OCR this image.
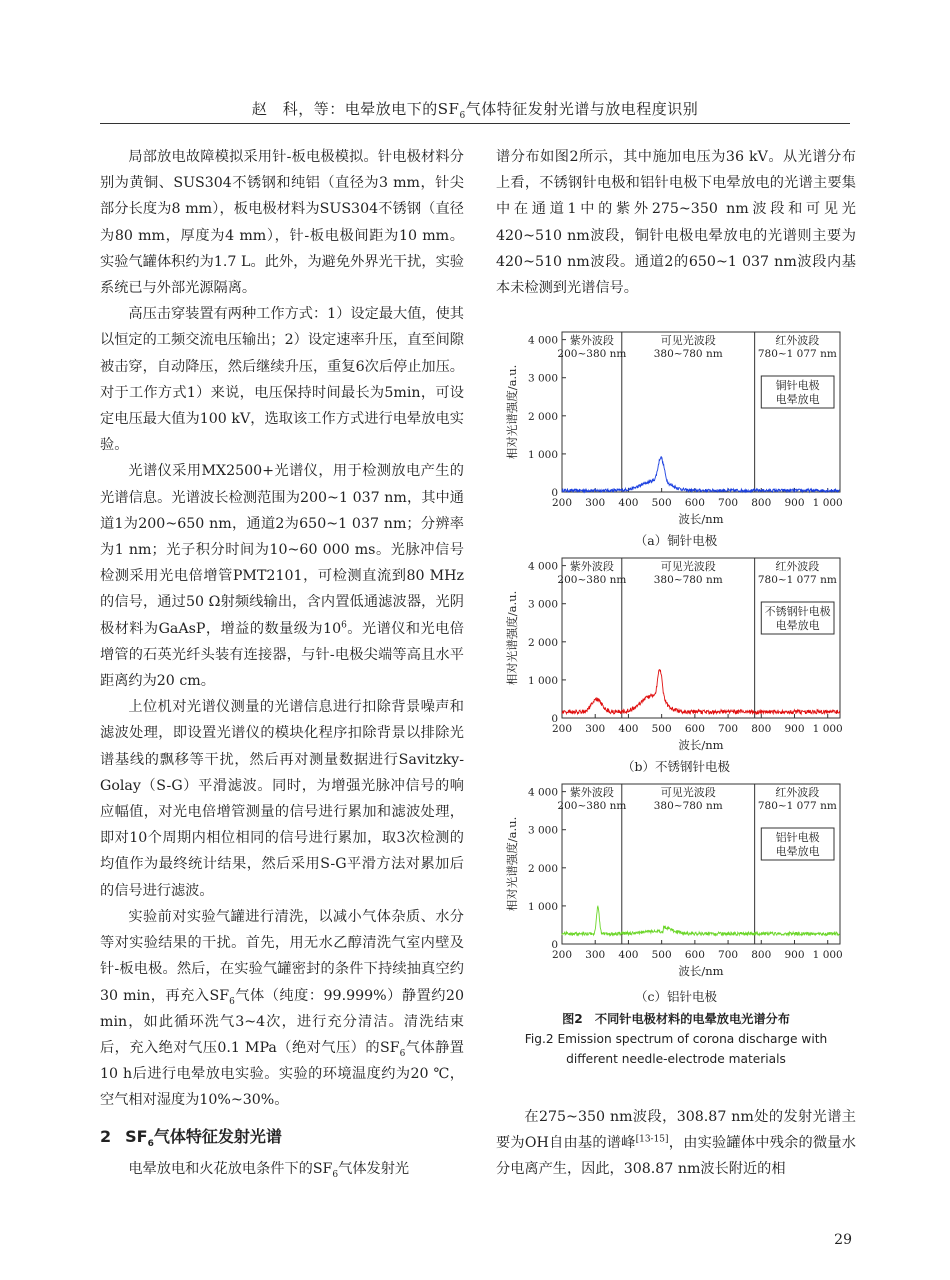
赵　科，等：电晕放电下的$SF_6$气体特征发射光谱与放电程度识别

局部放电故障模拟采用针-板电极模拟。针电极材料分别为黄铜、SUS304不锈钢和纯铝（直径为3 mm，针尖部分长度为8 mm），板电极材料为SUS304不锈钢（直径为80 mm，厚度为4 mm），针-板电极间距为10 mm。实验气罐体积约为1.7 L。此外，为避免外界光干扰，实验系统已与外部光源隔离。

高压击穿装置有两种工作方式：1）设定最大值，使其以恒定的工频交流电压输出；2）设定速率升压，直至间隙被击穿，自动降压，然后继续升压，重复6次后停止加压。对于工作方式1）来说，电压保持时间最长为5min，可设定电压最大值为100 kV，选取该工作方式进行电晕放电实验。

光谱仪采用MX2500+光谱仪，用于检测放电产生的光谱信息。光谱波长检测范围为200~1 037 nm，其中通道1为200~650 nm，通道2为650~1 037 nm；分辨率为1 nm；光子积分时间为10~60 000 ms。光脉冲信号检测采用光电倍增管PMT2101，可检测直流到80 MHz的信号，通过50 Ω射频线输出，含内置低通滤波器，光阴极材料为GaAsP，增益的数量级为$10^6$。光谱仪和光电倍增管的石英光纤头装有连接器，与针-电极尖端等高且水平距离约为20 cm。

上位机对光谱仪测量的光谱信息进行扣除背景噪声和滤波处理，即设置光谱仪的模块化程序扣除背景以排除光谱基线的飘移等干扰，然后再对测量数据进行Savitzky-Golay（S-G）平滑滤波。同时，为增强光脉冲信号的响应幅值，对光电倍增管测量的信号进行累加和滤波处理，即对10个周期内相位相同的信号进行累加，取3次检测的均值作为最终统计结果，然后采用S-G平滑方法对累加后的信号进行滤波。

实验前对实验气罐进行清洗，以减小气体杂质、水分等对实验结果的干扰。首先，用无水乙醇清洗气室内壁及针-板电极。然后，在实验气罐密封的条件下持续抽真空约30 min，再充入$SF_6$气体（纯度：99.999%）静置约20 min，如此循环洗气3~4次，进行充分清洁。清洗结束后，充入绝对气压0.1 MPa（绝对气压）的$SF_6$气体静置10 h后进行电晕放电实验。实验的环境温度约为20 ℃，空气相对湿度为10%~30%。

2 $SF_6$气体特征发射光谱

电晕放电和火花放电条件下的$SF_6$气体发射光

谱分布如图2所示，其中施加电压为36 kV。从光谱分布上看，不锈钢针电极和铝针电极下电晕放电的光谱主要集中在通道1中的紫外275~350 nm波段和可见光420~510 nm波段，铜针电极电晕放电的光谱则主要为420~510 nm波段。通道2的650~1 037 nm波段内基本未检测到光谱信号。

紫外波段
200~380 nm
可见光波段
380~780 nm
红外波段
780~1 077 nm
0
1 000
2 000
3 000
4 000
200 300 400 500 600 700 800 900 1 000
波长/nm
相对光谱强度/a.u.	铜针电极
电晕放电
（a）铜针电极
紫外波段
200~380 nm
可见光波段
380~780 nm
红外波段
780~1 077 nm
0
1 000
2 000
3 000
4 000
200 300 400 500 600 700 800 900 1 000
波长/nm
相对光谱强度/a.u.	不锈钢针电极
电晕放电
（b）不锈钢针电极
紫外波段
200~380 nm
可见光波段
380~780 nm
红外波段
780~1 077 nm
0
1 000
2 000
3 000
4 000
200 300 400 500 600 700 800 900 1 000
波长/nm
相对光谱强度/a.u.	铝针电极
电晕放电
（c）铝针电极
图2　不同针电极材料的电晕放电光谱分布
Fig.2 Emission spectrum of corona discharge with
different needle-electrode materials

在275~350 nm波段，308.87 nm处的发射光谱主要为OH自由基的谱峰[13-15]，由实验罐体中残余的微量水分电离产生，因此，308.87 nm波长附近的相

29
